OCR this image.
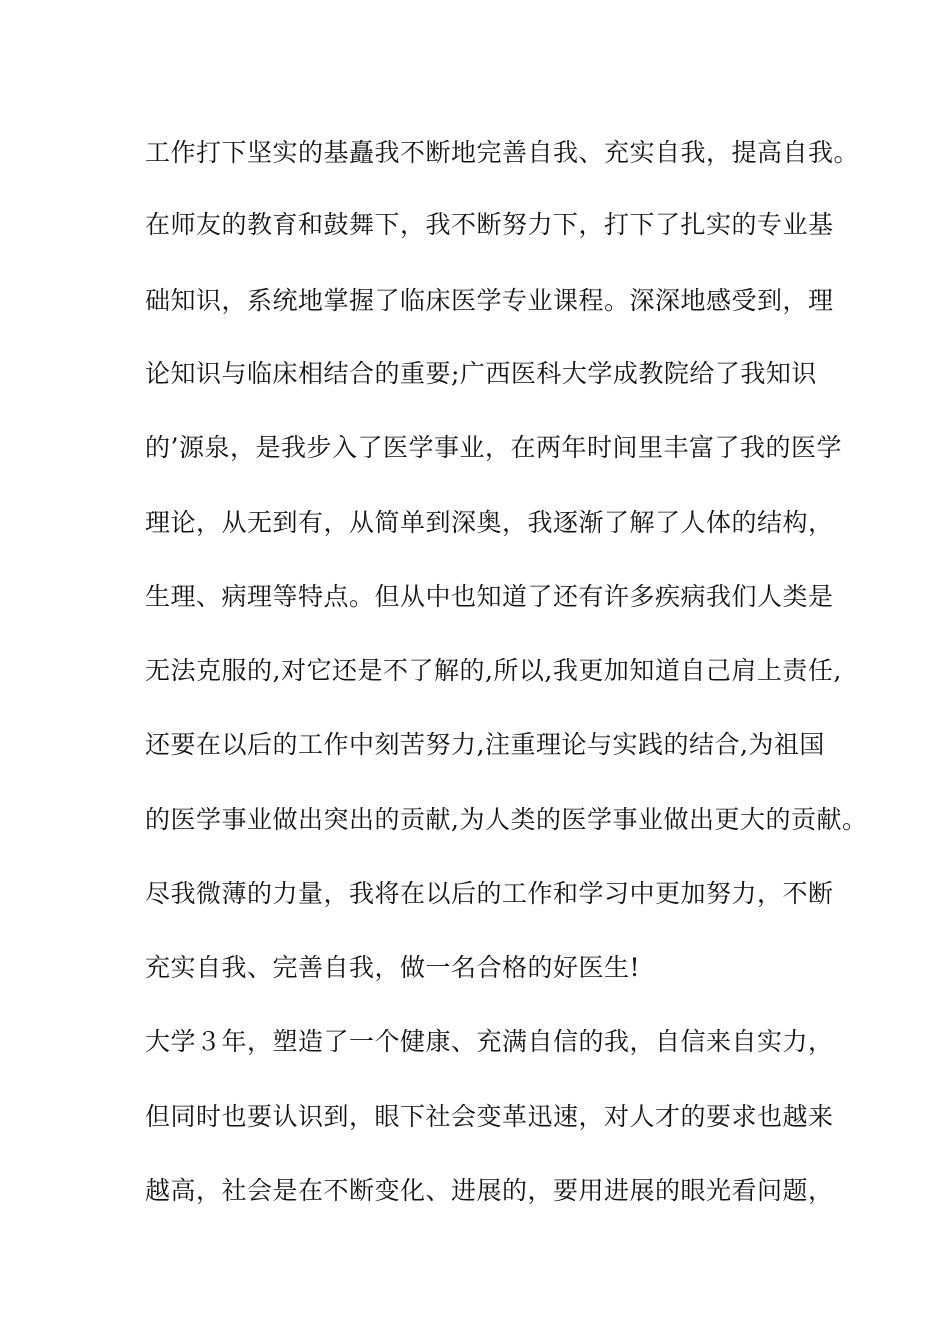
工作打下坚实的基矗我不断地完善自我、充实自我，提高自我。
在师友的教育和鼓舞下，我不断努力下，打下了扎实的专业基
础知识，系统地掌握了临床医学专业课程。深深地感受到，理
论知识与临床相结合的重要;广西医科大学成教院给了我知识
的’源泉，是我步入了医学事业，在两年时间里丰富了我的医学
理论，从无到有，从简单到深奥，我逐渐了解了人体的结构，
生理、病理等特点。但从中也知道了还有许多疾病我们人类是
无法克服的,对它还是不了解的,所以,我更加知道自己肩上责任,
还要在以后的工作中刻苦努力,注重理论与实践的结合,为祖国
的医学事业做出突出的贡献,为人类的医学事业做出更大的贡献。
尽我微薄的力量，我将在以后的工作和学习中更加努力，不断
充实自我、完善自我，做一名合格的好医生!
大学３年，塑造了一个健康、充满自信的我，自信来自实力，
但同时也要认识到，眼下社会变革迅速，对人才的要求也越来
越高，社会是在不断变化、进展的，要用进展的眼光看问题，
